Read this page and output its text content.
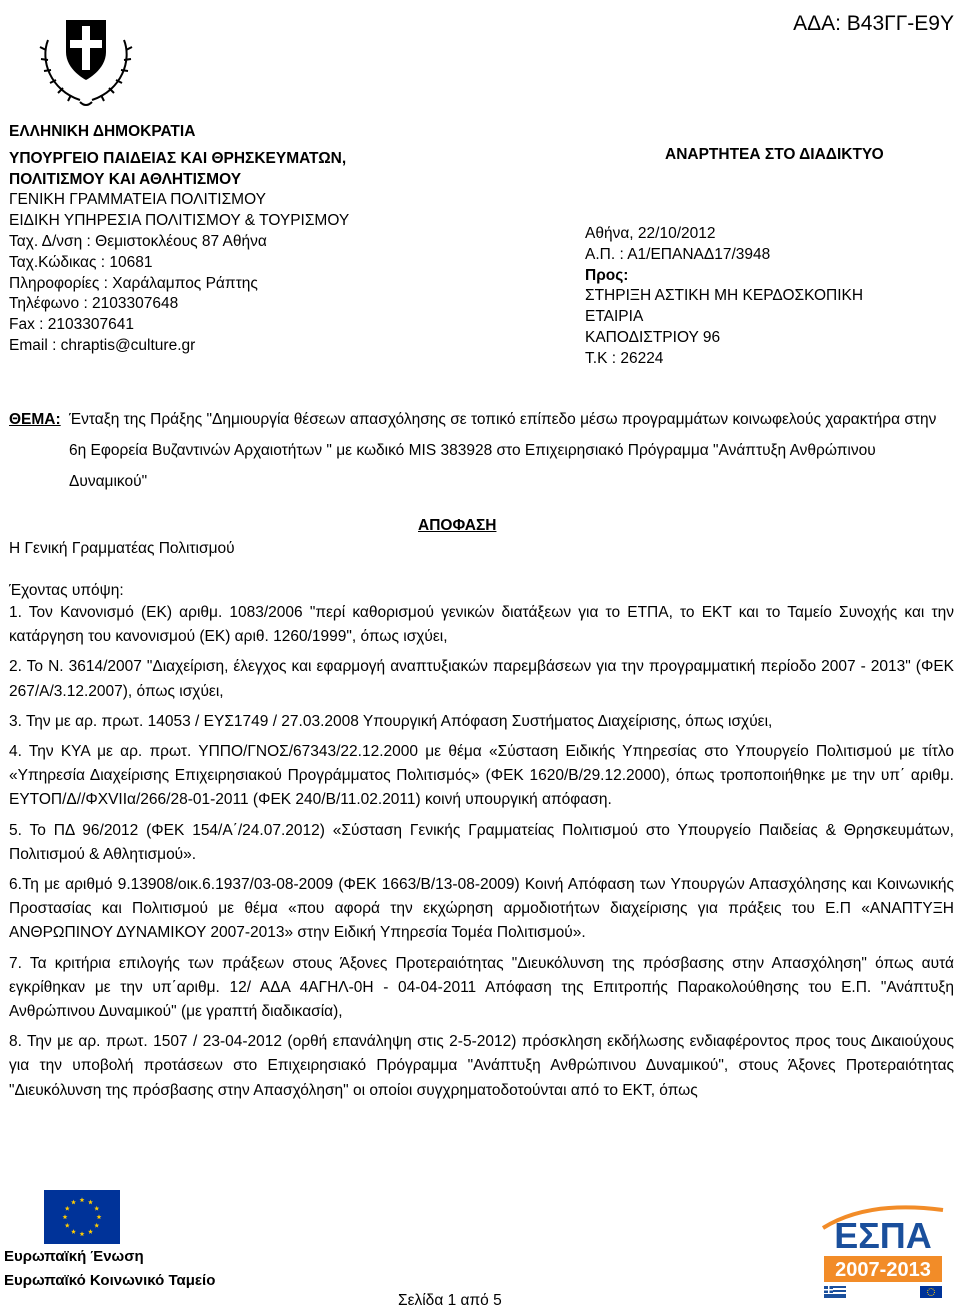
ΑΔΑ: Β43ΓΓ-Ε9Υ
ΕΛΛΗΝΙΚΗ ΔΗΜΟΚΡΑΤΙΑ
ΥΠΟΥΡΓΕΙΟ ΠΑΙΔΕΙΑΣ ΚΑΙ ΘΡΗΣΚΕΥΜΑΤΩΝ,
ΠΟΛΙΤΙΣΜΟΥ ΚΑΙ ΑΘΛΗΤΙΣΜΟΥ
ΓΕΝΙΚΗ ΓΡΑΜΜΑΤΕΙΑ ΠΟΛΙΤΙΣΜΟΥ
ΕΙΔΙΚΗ ΥΠΗΡΕΣΙΑ ΠΟΛΙΤΙΣΜΟΥ & ΤΟΥΡΙΣΜΟΥ
Ταχ. Δ/νση : Θεμιστοκλέους 87 Αθήνα
Ταχ.Κώδικας : 10681
Πληροφορίες : Χαράλαμπος Ράπτης
Τηλέφωνο : 2103307648
Fax : 2103307641
Email : chraptis@culture.gr
ΑΝΑΡΤΗΤΕΑ ΣΤΟ ΔΙΑΔΙΚΤΥΟ
Αθήνα, 22/10/2012
Α.Π. : Α1/ΕΠΑΝΑΔ17/3948
Προς:
ΣΤΗΡΙΞΗ ΑΣΤΙΚΗ ΜΗ ΚΕΡΔΟΣΚΟΠΙΚΗ
ΕΤΑΙΡΙΑ
ΚΑΠΟΔΙΣΤΡΙΟΥ 96
Τ.Κ : 26224
ΘΕΜΑ: Ένταξη της Πράξης "Δημιουργία θέσεων απασχόλησης σε τοπικό επίπεδο μέσω προγραμμάτων κοινωφελούς χαρακτήρα στην 6η Εφορεία Βυζαντινών Αρχαιοτήτων " με κωδικό MIS 383928 στο Επιχειρησιακό Πρόγραμμα "Ανάπτυξη Ανθρώπινου Δυναμικού"
ΑΠΟΦΑΣΗ
Η Γενική Γραμματέας Πολιτισμού
Έχοντας υπόψη:

1. Τον Κανονισμό (ΕΚ) αριθμ. 1083/2006 "περί καθορισμού γενικών διατάξεων για το ΕΤΠΑ, το ΕΚΤ και το Ταμείο Συνοχής και την κατάργηση του κανονισμού (ΕΚ) αριθ. 1260/1999", όπως ισχύει,

2. Το Ν. 3614/2007 "Διαχείριση, έλεγχος και εφαρμογή αναπτυξιακών παρεμβάσεων για την προγραμματική περίοδο 2007 - 2013" (ΦΕΚ 267/Α/3.12.2007), όπως ισχύει,

3. Την με αρ. πρωτ. 14053 / ΕΥΣ1749 / 27.03.2008 Υπουργική Απόφαση Συστήματος Διαχείρισης, όπως ισχύει,

4. Την ΚΥΑ με αρ. πρωτ. ΥΠΠΟ/ΓΝΟΣ/67343/22.12.2000 με θέμα «Σύσταση Ειδικής Υπηρεσίας στο Υπουργείο Πολιτισμού με τίτλο «Υπηρεσία Διαχείρισης Επιχειρησιακού Προγράμματος Πολιτισμός» (ΦΕΚ 1620/Β/29.12.2000), όπως τροποποιήθηκε με την υπ΄ αριθμ. ΕΥΤΟΠ/Δ//ΦΧVΙΙα/266/28-01-2011 (ΦΕΚ 240/Β/11.02.2011) κοινή υπουργική απόφαση.

5. Το ΠΔ 96/2012 (ΦΕΚ 154/Α΄/24.07.2012) «Σύσταση Γενικής Γραμματείας Πολιτισμού στο Υπουργείο Παιδείας & Θρησκευμάτων, Πολιτισμού & Αθλητισμού».

6.Τη με αριθμό 9.13908/οικ.6.1937/03-08-2009 (ΦΕΚ 1663/Β/13-08-2009) Κοινή Απόφαση των Υπουργών Απασχόλησης και Κοινωνικής Προστασίας και Πολιτισμού με θέμα «που αφορά την εκχώρηση αρμοδιοτήτων διαχείρισης για πράξεις του Ε.Π «ΑΝΑΠΤΥΞΗ ΑΝΘΡΩΠΙΝΟΥ ΔΥΝΑΜΙΚΟΥ 2007-2013» στην Ειδική Υπηρεσία Τομέα Πολιτισμού».

7. Τα κριτήρια επιλογής των πράξεων στους Άξονες Προτεραιότητας "Διευκόλυνση της πρόσβασης στην Απασχόληση" όπως αυτά εγκρίθηκαν με την υπ΄αριθμ. 12/ ΑΔΑ 4ΑΓΗΛ-0Η - 04-04-2011 Απόφαση της Επιτροπής Παρακολούθησης του Ε.Π. "Ανάπτυξη Ανθρώπινου Δυναμικού" (με γραπτή διαδικασία),

8. Την με αρ. πρωτ. 1507 / 23-04-2012 (ορθή επανάληψη στις 2-5-2012) πρόσκληση εκδήλωσης ενδιαφέροντος προς τους Δικαιούχους για την υποβολή προτάσεων στο Επιχειρησιακό Πρόγραμμα "Ανάπτυξη Ανθρώπινου Δυναμικού", στους Άξονες Προτεραιότητας "Διευκόλυνση της πρόσβασης στην Απασχόληση" οι οποίοι συγχρηματοδοτούνται από το ΕΚΤ, όπως

Ευρωπαϊκή Ένωση
Ευρωπαϊκό Κοινωνικό Ταμείο
ΕΣΠΑ
2007-2013
Σελίδα 1 από 5
